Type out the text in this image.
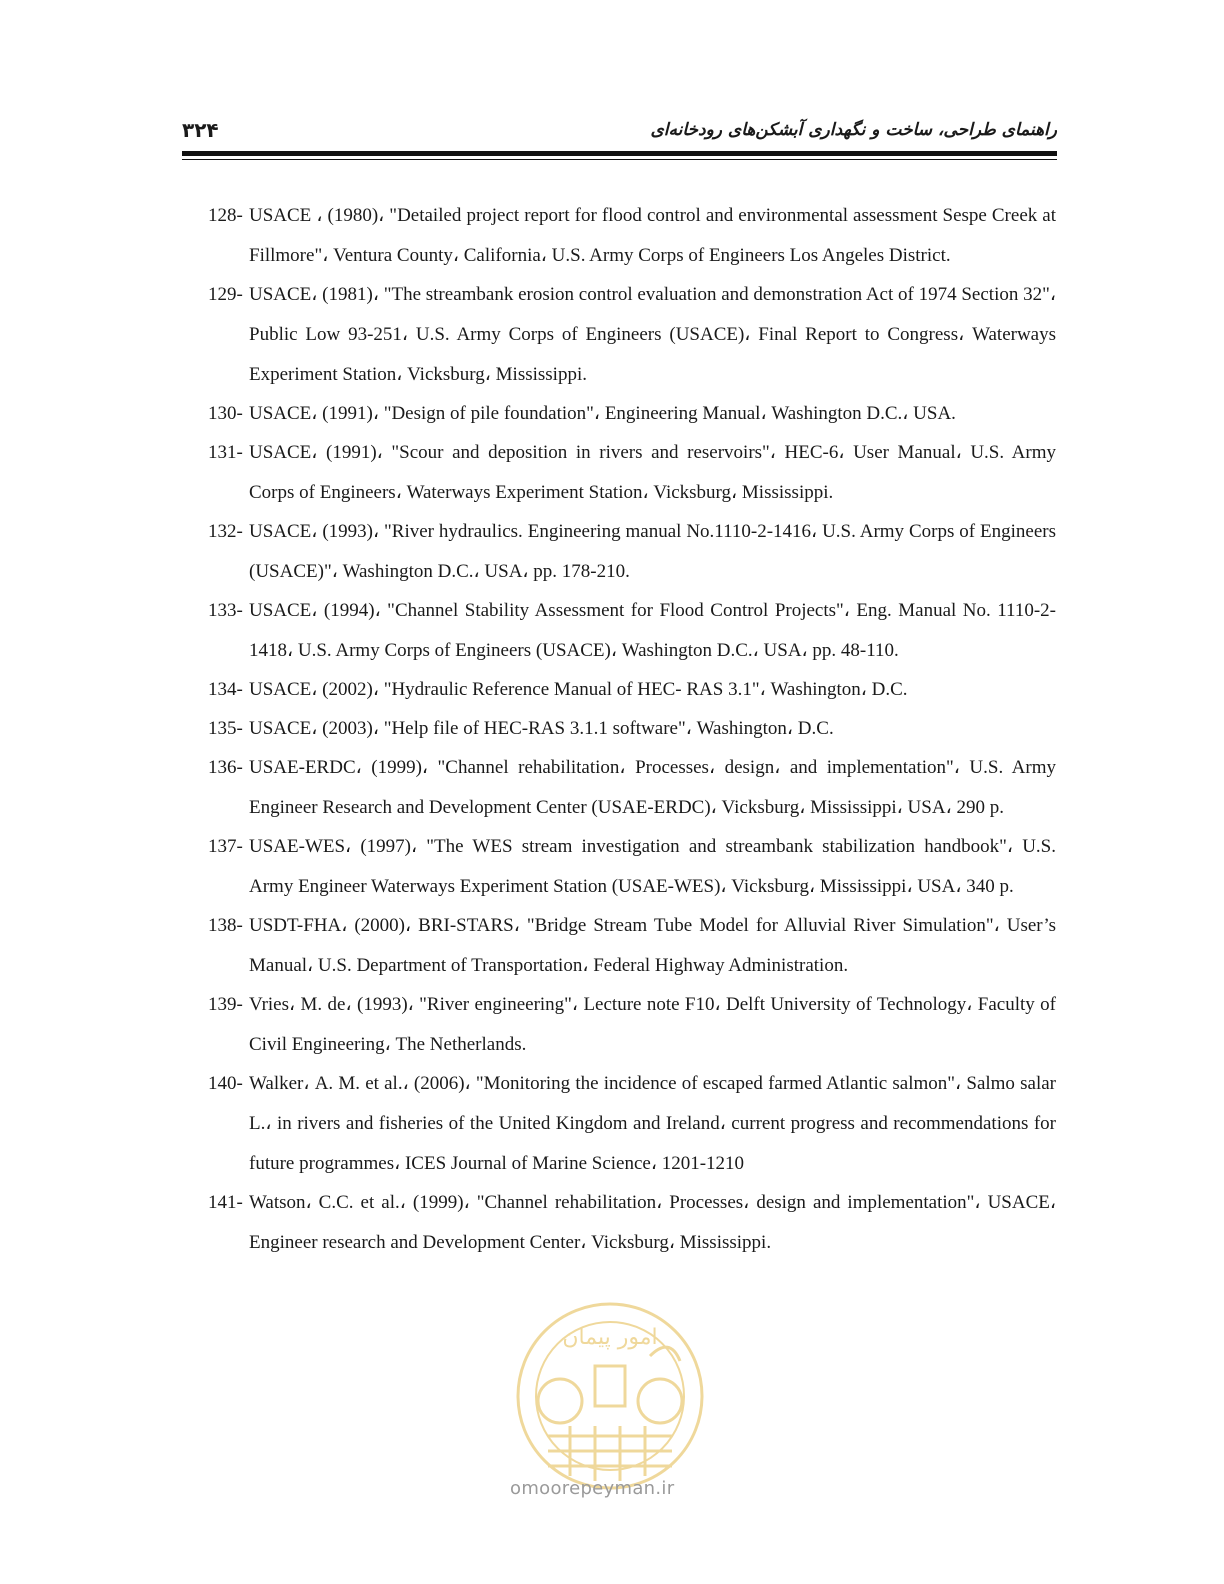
۳۲۴	راهنمای طراحی، ساخت و نگهداری آبشکن‌های رودخانه‌ای
128- USACE ، (1980)، "Detailed project report for flood control and environmental assessment Sespe Creek at Fillmore"، Ventura County، California، U.S. Army Corps of Engineers Los Angeles District.
129- USACE، (1981)، "The streambank erosion control evaluation and demonstration Act of 1974 Section 32"، Public Low 93-251، U.S. Army Corps of Engineers (USACE)، Final Report to Congress، Waterways Experiment Station، Vicksburg، Mississippi.
130- USACE، (1991)، "Design of pile foundation"، Engineering Manual، Washington D.C.، USA.
131- USACE، (1991)، "Scour and deposition in rivers and reservoirs"، HEC-6، User Manual، U.S. Army Corps of Engineers، Waterways Experiment Station، Vicksburg، Mississippi.
132- USACE، (1993)، "River hydraulics. Engineering manual No.1110-2-1416، U.S. Army Corps of Engineers (USACE)"، Washington D.C.، USA، pp. 178-210.
133- USACE، (1994)، "Channel Stability Assessment for Flood Control Projects"، Eng. Manual No. 1110-2-1418، U.S. Army Corps of Engineers (USACE)، Washington D.C.، USA، pp. 48-110.
134- USACE، (2002)، "Hydraulic Reference Manual of HEC- RAS 3.1"، Washington، D.C.
135- USACE، (2003)، "Help file of HEC-RAS 3.1.1 software"، Washington، D.C.
136- USAE-ERDC، (1999)، "Channel rehabilitation، Processes، design، and implementation"، U.S. Army Engineer Research and Development Center (USAE-ERDC)، Vicksburg، Mississippi، USA، 290 p.
137- USAE-WES، (1997)، "The WES stream investigation and streambank stabilization handbook"، U.S. Army Engineer Waterways Experiment Station (USAE-WES)، Vicksburg، Mississippi، USA، 340 p.
138- USDT-FHA، (2000)، BRI-STARS، "Bridge Stream Tube Model for Alluvial River Simulation"، User’s Manual، U.S. Department of Transportation، Federal Highway Administration.
139- Vries، M. de، (1993)، "River engineering"، Lecture note F10، Delft University of Technology، Faculty of Civil Engineering، The Netherlands.
140- Walker، A. M. et al.، (2006)، "Monitoring the incidence of escaped farmed Atlantic salmon"، Salmo salar L.، in rivers and fisheries of the United Kingdom and Ireland، current progress and recommendations for future programmes، ICES Journal of Marine Science، 1201-1210
141- Watson، C.C. et al.، (1999)، "Channel rehabilitation، Processes، design and implementation"، USACE، Engineer research and Development Center، Vicksburg، Mississippi.
امور پیمان
omoorepeyman.ir
